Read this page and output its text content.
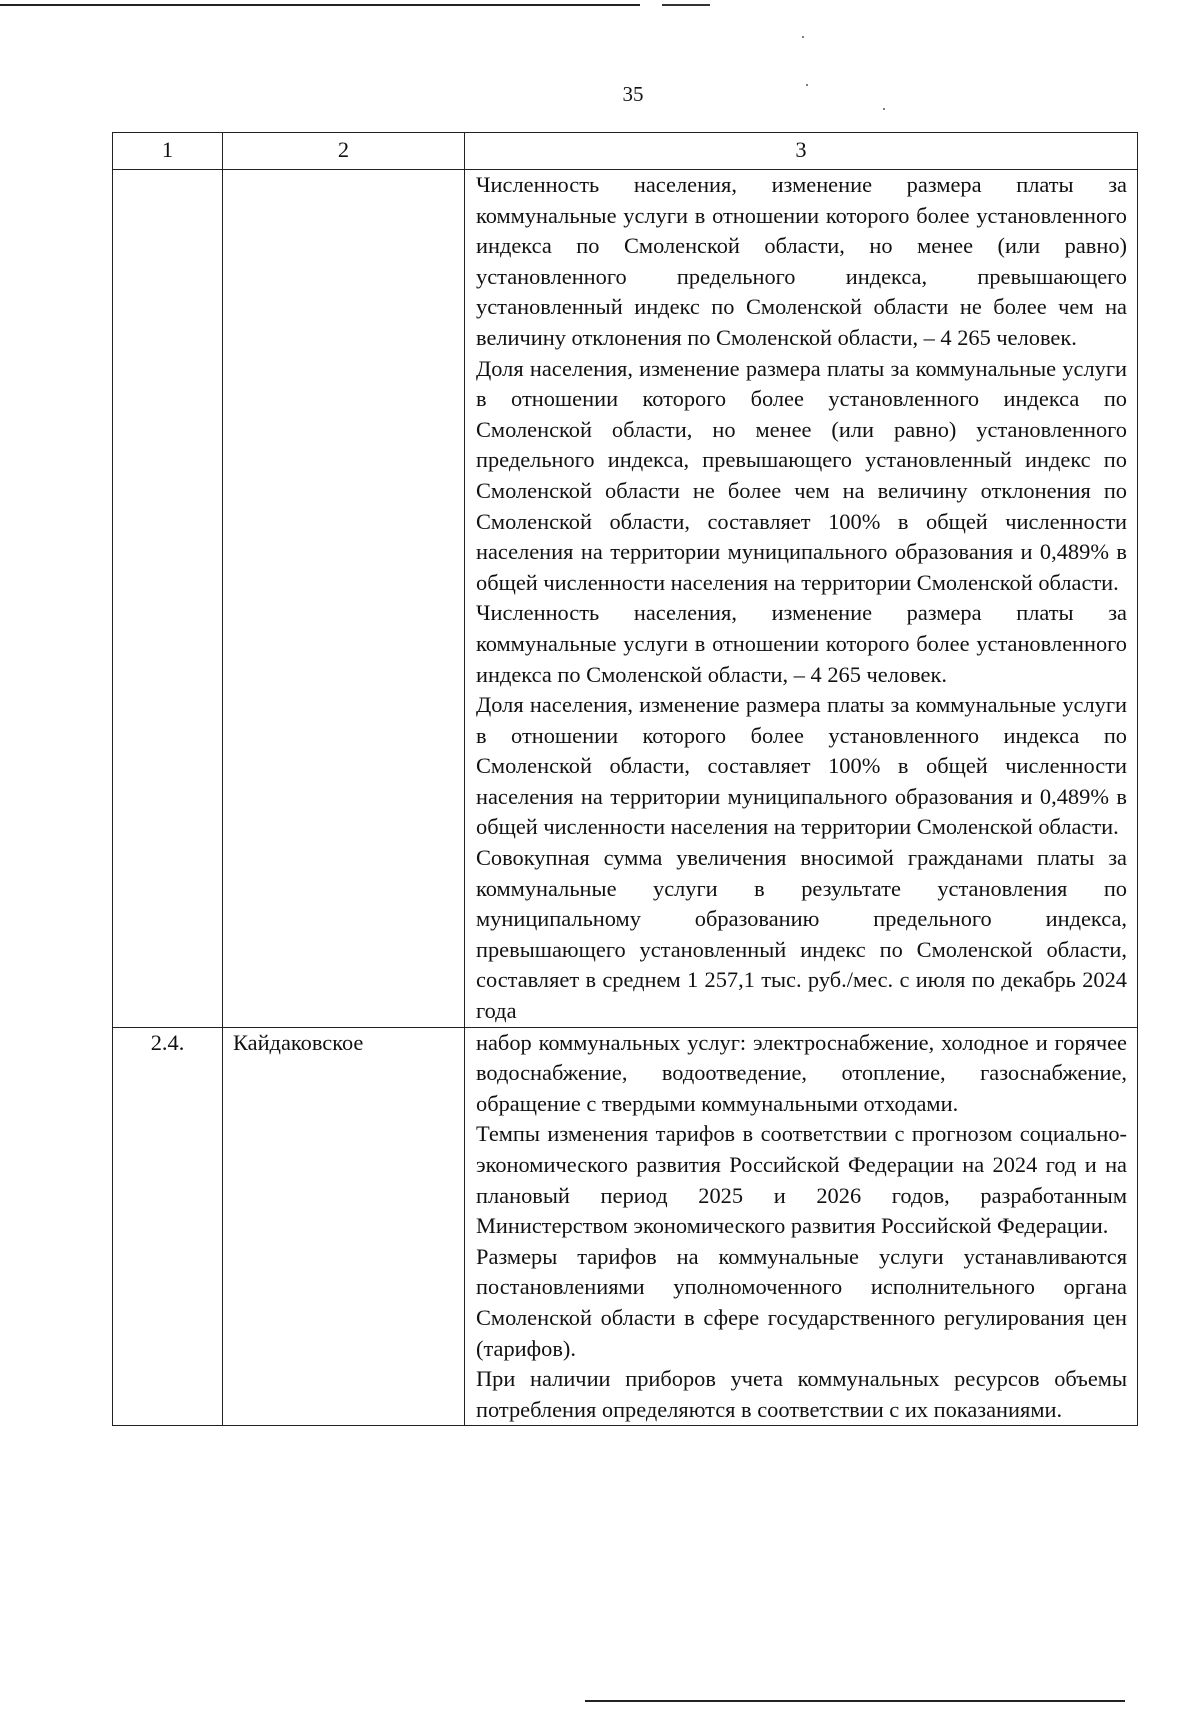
35
1	2	3

		Численность населения, изменение размера платы за коммунальные услуги в отношении которого более установленного индекса по Смоленской области, но менее (или равно) установленного предельного индекса, превышающего установленный индекс по Смоленской области не более чем на величину отклонения по Смоленской области, – 4 265 человек.

Доля населения, изменение размера платы за коммунальные услуги в отношении которого более установленного индекса по Смоленской области, но менее (или равно) установленного предельного индекса, превышающего установленный индекс по Смоленской области не более чем на величину отклонения по Смоленской области, составляет 100% в общей численности населения на территории муниципального образования и 0,489% в общей численности населения на территории Смоленской области.

Численность населения, изменение размера платы за коммунальные услуги в отношении которого более установленного индекса по Смоленской области, – 4 265 человек.

Доля населения, изменение размера платы за коммунальные услуги в отношении которого более установленного индекса по Смоленской области, составляет 100% в общей численности населения на территории муниципального образования и 0,489% в общей численности населения на территории Смоленской области.

Совокупная сумма увеличения вносимой гражданами платы за коммунальные услуги в результате установления по муниципальному образованию предельного индекса, превышающего установленный индекс по Смоленской области, составляет в среднем 1 257,1 тыс. руб./мес. с июля по декабрь 2024 года

2.4.	Кайдаковское	набор коммунальных услуг: электроснабжение, холодное и горячее водоснабжение, водоотведение, отопление, газоснабжение, обращение с твердыми коммунальными отходами.

Темпы изменения тарифов в соответствии с прогнозом социально-экономического развития Российской Федерации на 2024 год и на плановый период 2025 и 2026 годов, разработанным Министерством экономического развития Российской Федерации.

Размеры тарифов на коммунальные услуги устанавливаются постановлениями уполномоченного исполнительного органа Смоленской области в сфере государственного регулирования цен (тарифов).

При наличии приборов учета коммунальных ресурсов объемы потребления определяются в соответствии с их показаниями.
